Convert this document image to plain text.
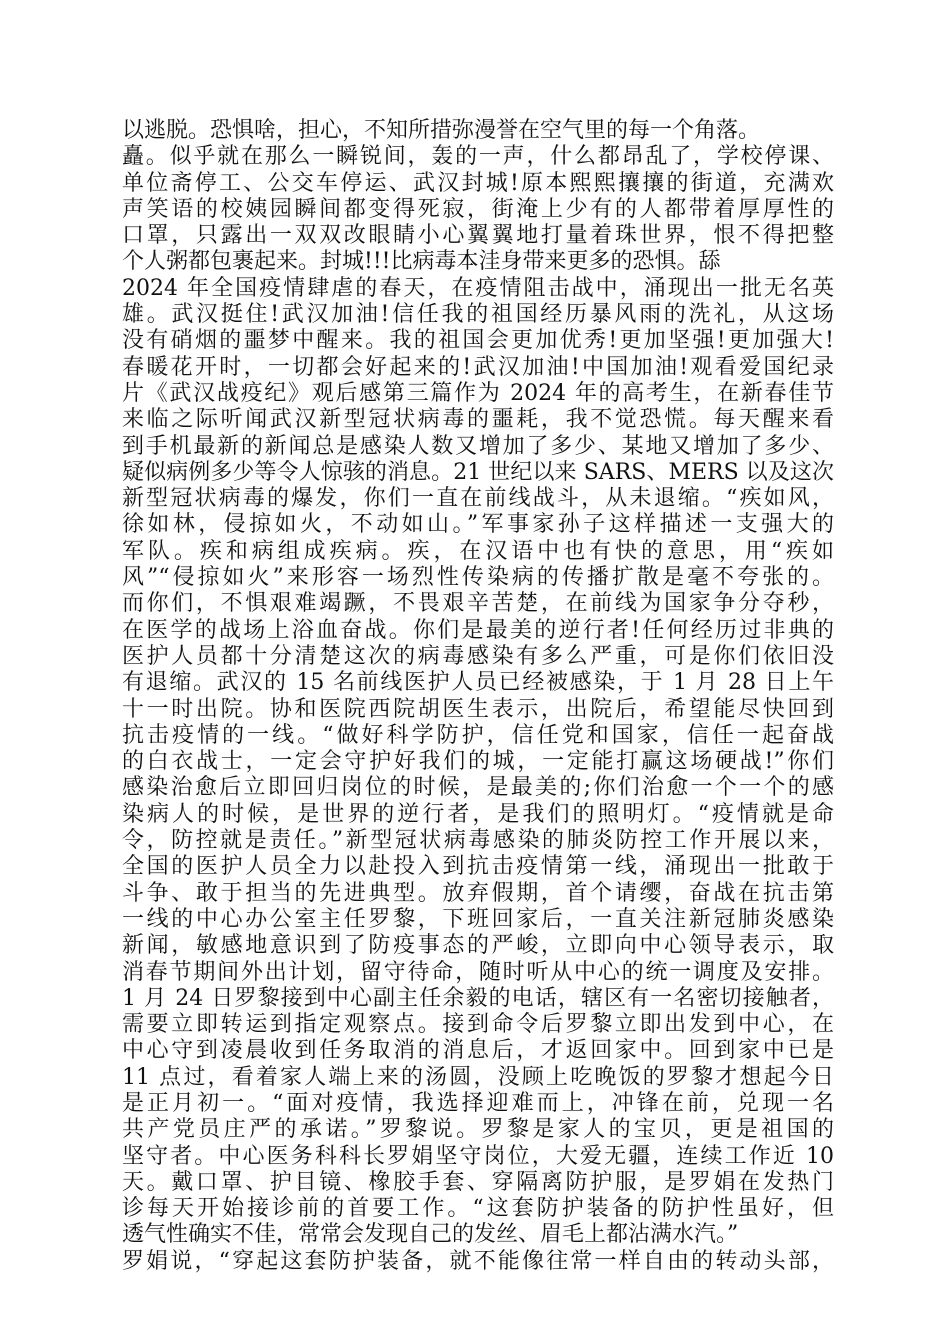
以逃脱。恐惧啥，担心，不知所措弥漫誉在空气里的每一个角落。
矗。似乎就在那么一瞬锐间，轰的一声，什么都昂乱了，学校停课、
单位斋停工、公交车停运、武汉封城!原本熙熙攘攘的街道，充满欢
声笑语的校姨园瞬间都变得死寂，街淹上少有的人都带着厚厚性的
口罩，只露出一双双改眼睛小心翼翼地打量着珠世界，恨不得把整
个人粥都包裹起来。封城!!!比病毒本洼身带来更多的恐惧。舔
2024 年全国疫情肆虐的春天，在疫情阻击战中，涌现出一批无名英
雄。武汉挺住!武汉加油!信任我的祖国经历暴风雨的洗礼，从这场
没有硝烟的噩梦中醒来。我的祖国会更加优秀!更加坚强!更加强大!
春暖花开时，一切都会好起来的!武汉加油!中国加油!观看爱国纪录
片《武汉战疫纪》观后感第三篇作为 2024 年的高考生，在新春佳节
来临之际听闻武汉新型冠状病毒的噩耗，我不觉恐慌。每天醒来看
到手机最新的新闻总是感染人数又增加了多少、某地又增加了多少、
疑似病例多少等令人惊骇的消息。21 世纪以来 SARS、MERS 以及这次
新型冠状病毒的爆发，你们一直在前线战斗，从未退缩。“疾如风，
徐如林，侵掠如火，不动如山。”军事家孙子这样描述一支强大的
军队。疾和病组成疾病。疾，在汉语中也有快的意思，用“疾如
风”“侵掠如火”来形容一场烈性传染病的传播扩散是毫不夸张的。
而你们，不惧艰难竭蹶，不畏艰辛苦楚，在前线为国家争分夺秒，
在医学的战场上浴血奋战。你们是最美的逆行者!任何经历过非典的
医护人员都十分清楚这次的病毒感染有多么严重，可是你们依旧没
有退缩。武汉的 15 名前线医护人员已经被感染，于 1 月 28 日上午
十一时出院。协和医院西院胡医生表示，出院后，希望能尽快回到
抗击疫情的一线。“做好科学防护，信任党和国家，信任一起奋战
的白衣战士，一定会守护好我们的城，一定能打赢这场硬战!”你们
感染治愈后立即回归岗位的时候，是最美的;你们治愈一个一个的感
染病人的时候，是世界的逆行者，是我们的照明灯。“疫情就是命
令，防控就是责任。”新型冠状病毒感染的肺炎防控工作开展以来，
全国的医护人员全力以赴投入到抗击疫情第一线，涌现出一批敢于
斗争、敢于担当的先进典型。放弃假期，首个请缨，奋战在抗击第
一线的中心办公室主任罗黎，下班回家后，一直关注新冠肺炎感染
新闻，敏感地意识到了防疫事态的严峻，立即向中心领导表示，取
消春节期间外出计划，留守待命，随时听从中心的统一调度及安排。
1 月 24 日罗黎接到中心副主任余毅的电话，辖区有一名密切接触者，
需要立即转运到指定观察点。接到命令后罗黎立即出发到中心，在
中心守到凌晨收到任务取消的消息后，才返回家中。回到家中已是
11 点过，看着家人端上来的汤圆，没顾上吃晚饭的罗黎才想起今日
是正月初一。“面对疫情，我选择迎难而上，冲锋在前，兑现一名
共产党员庄严的承诺。”罗黎说。罗黎是家人的宝贝，更是祖国的
坚守者。中心医务科科长罗娟坚守岗位，大爱无疆，连续工作近 10
天。戴口罩、护目镜、橡胶手套、穿隔离防护服，是罗娟在发热门
诊每天开始接诊前的首要工作。“这套防护装备的防护性虽好，但
透气性确实不佳，常常会发现自己的发丝、眉毛上都沾满水汽。”
罗娟说，“穿起这套防护装备，就不能像往常一样自由的转动头部，
